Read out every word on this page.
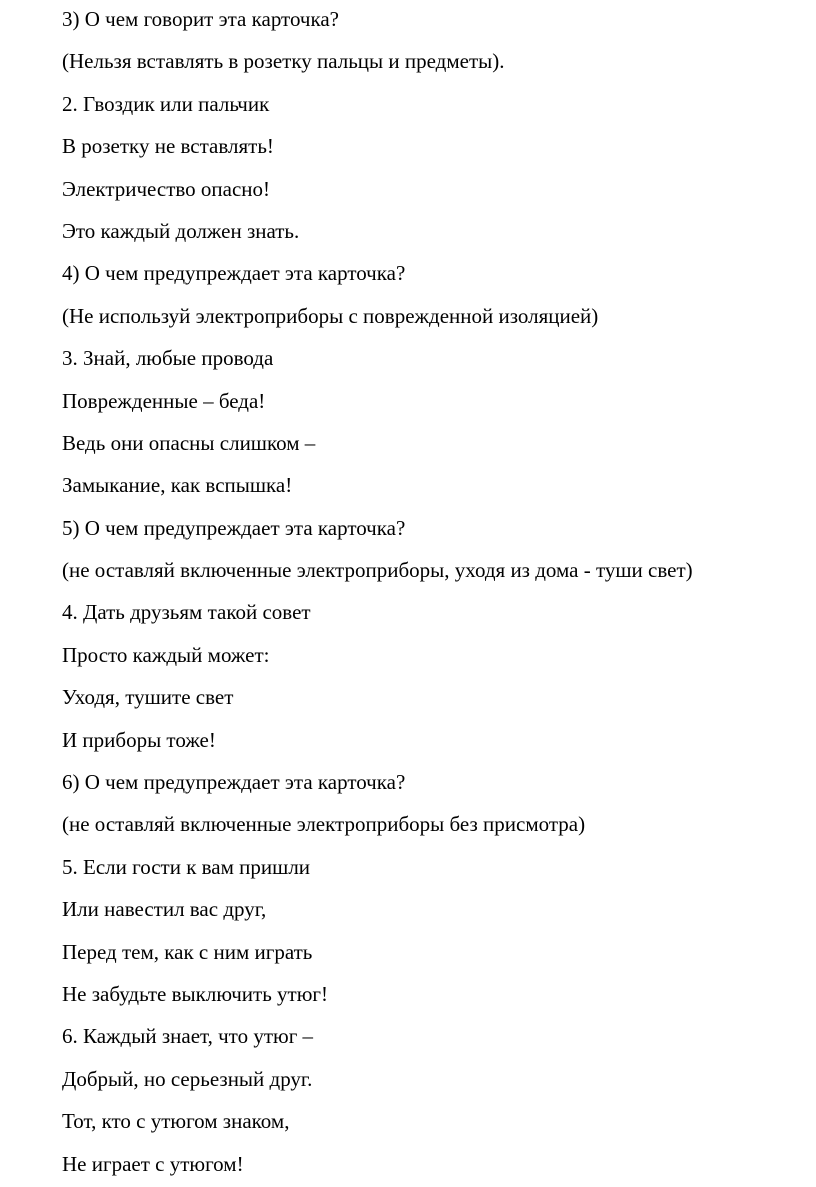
3) О чем говорит эта карточка?

(Нельзя вставлять в розетку пальцы и предметы).

2. Гвоздик или пальчик

В розетку не вставлять!

Электричество опасно!

Это каждый должен знать.

4) О чем предупреждает эта карточка?

(Не используй электроприборы с поврежденной изоляцией)

3. Знай, любые провода

Поврежденные – беда!

Ведь они опасны слишком –

Замыкание, как вспышка!

5) О чем предупреждает эта карточка?

(не оставляй включенные электроприборы, уходя из дома - туши свет)

4. Дать друзьям такой совет

Просто каждый может:

Уходя, тушите свет

И приборы тоже!

6) О чем предупреждает эта карточка?

(не оставляй включенные электроприборы без присмотра)

5. Если гости к вам пришли

Или навестил вас друг,

Перед тем, как с ним играть

Не забудьте выключить утюг!

6. Каждый знает, что утюг –

Добрый, но серьезный друг.

Тот, кто с утюгом знаком,

Не играет с утюгом!
